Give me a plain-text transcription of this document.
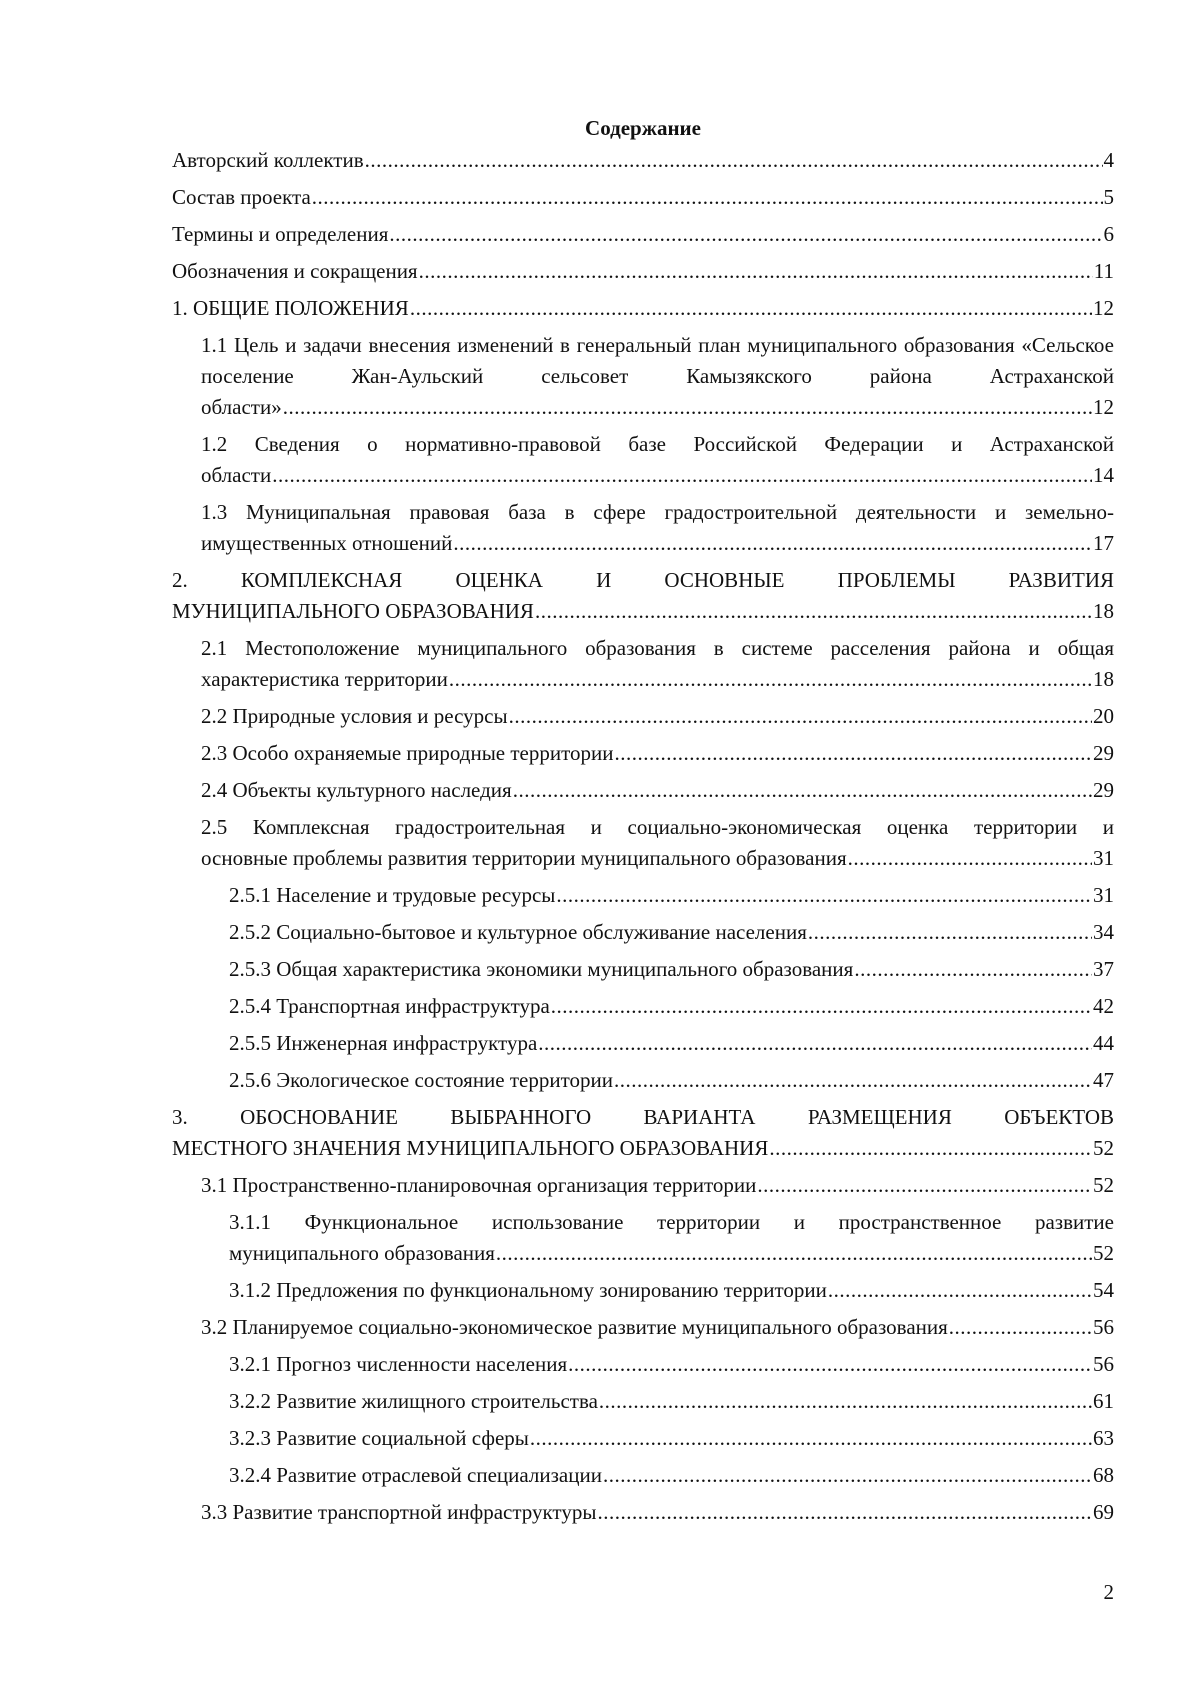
Содержание
Авторский коллектив .....	4
Состав проекта .....	5
Термины и определения .....	6
Обозначения и сокращения .....	11
1. ОБЩИЕ ПОЛОЖЕНИЯ .....	12
1.1 Цель и задачи внесения изменений в генеральный план муниципального образования «Сельское поселение Жан-Аульский сельсовет Камызякского района Астраханской
области» .....	12
1.2 Сведения о нормативно-правовой базе Российской Федерации и Астраханской
области .....	14
1.3 Муниципальная правовая база в сфере градостроительной деятельности и земельно-
имущественных отношений .....	17
2. КОМПЛЕКСНАЯ ОЦЕНКА И ОСНОВНЫЕ ПРОБЛЕМЫ РАЗВИТИЯ
МУНИЦИПАЛЬНОГО ОБРАЗОВАНИЯ .....	18
2.1 Местоположение муниципального образования в системе расселения района и общая
характеристика территории .....	18
2.2 Природные условия и ресурсы .....	20
2.3 Особо охраняемые природные территории .....	29
2.4 Объекты культурного наследия .....	29
2.5 Комплексная градостроительная и социально-экономическая оценка территории и
основные проблемы развития территории муниципального образования .....	31
2.5.1 Население и трудовые ресурсы .....	31
2.5.2 Социально-бытовое и культурное обслуживание населения .....	34
2.5.3 Общая характеристика экономики муниципального образования .....	37
2.5.4 Транспортная инфраструктура .....	42
2.5.5 Инженерная инфраструктура .....	44
2.5.6 Экологическое состояние территории .....	47
3. ОБОСНОВАНИЕ ВЫБРАННОГО ВАРИАНТА РАЗМЕЩЕНИЯ ОБЪЕКТОВ
МЕСТНОГО ЗНАЧЕНИЯ МУНИЦИПАЛЬНОГО ОБРАЗОВАНИЯ .....	52
3.1 Пространственно-планировочная организация территории .....	52
3.1.1 Функциональное использование территории и пространственное развитие
муниципального образования .....	52
3.1.2 Предложения по функциональному зонированию территории .....	54
3.2 Планируемое социально-экономическое развитие муниципального образования .....	56
3.2.1 Прогноз численности населения .....	56
3.2.2 Развитие жилищного строительства .....	61
3.2.3 Развитие социальной сферы .....	63
3.2.4 Развитие отраслевой специализации .....	68
3.3 Развитие транспортной инфраструктуры .....	69
2
